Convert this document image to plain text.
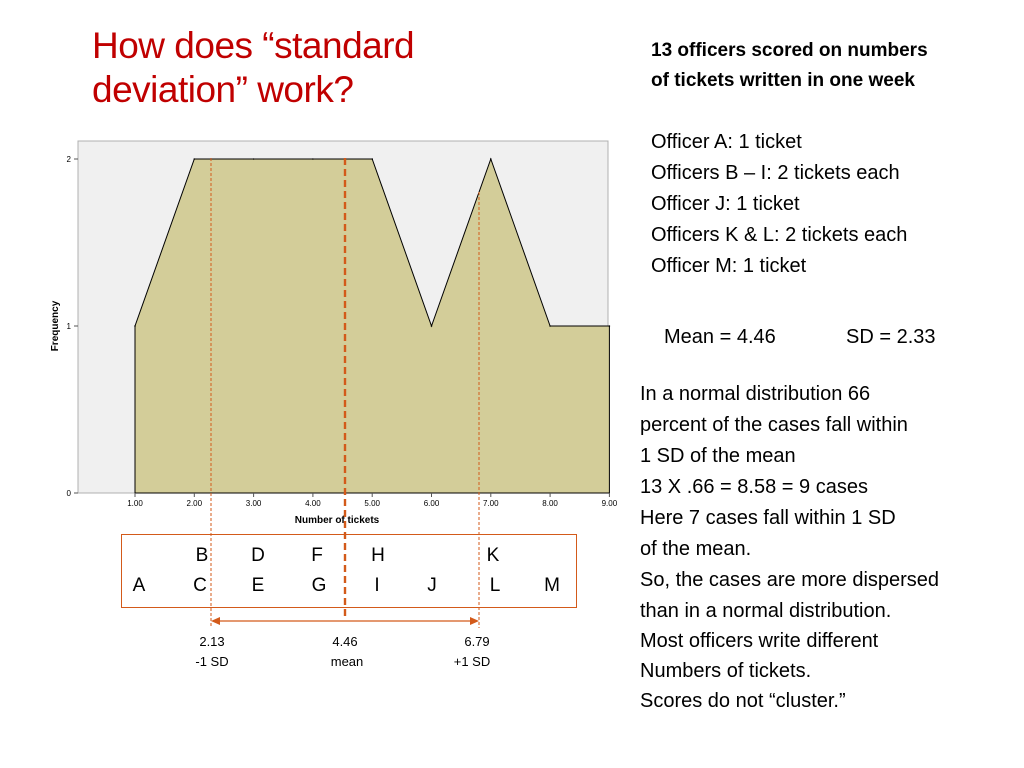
How does “standard
deviation” work?
0
1
2
1.00	2.00	3.00	4.00	5.00	6.00	7.00	8.00	9.00
Number of tickets
Frequency
B	D	F	H	K
A	C	E	G	I	J	L	M
2.13
-1 SD
4.46
mean
6.79
+1 SD
13 officers scored on numbers
of tickets written in one week
Officer A: 1 ticket
Officers B – I: 2 tickets each
Officer J: 1 ticket
Officers K & L: 2 tickets each
Officer M: 1 ticket
Mean = 4.46	SD = 2.33
In a normal distribution 66
percent of the cases fall within
1 SD of the mean
13 X .66 = 8.58 = 9 cases
Here 7 cases fall within 1 SD
of the mean.
So, the cases are more dispersed
than in a normal distribution.
Most officers write different
Numbers of tickets.
Scores do not “cluster.”
